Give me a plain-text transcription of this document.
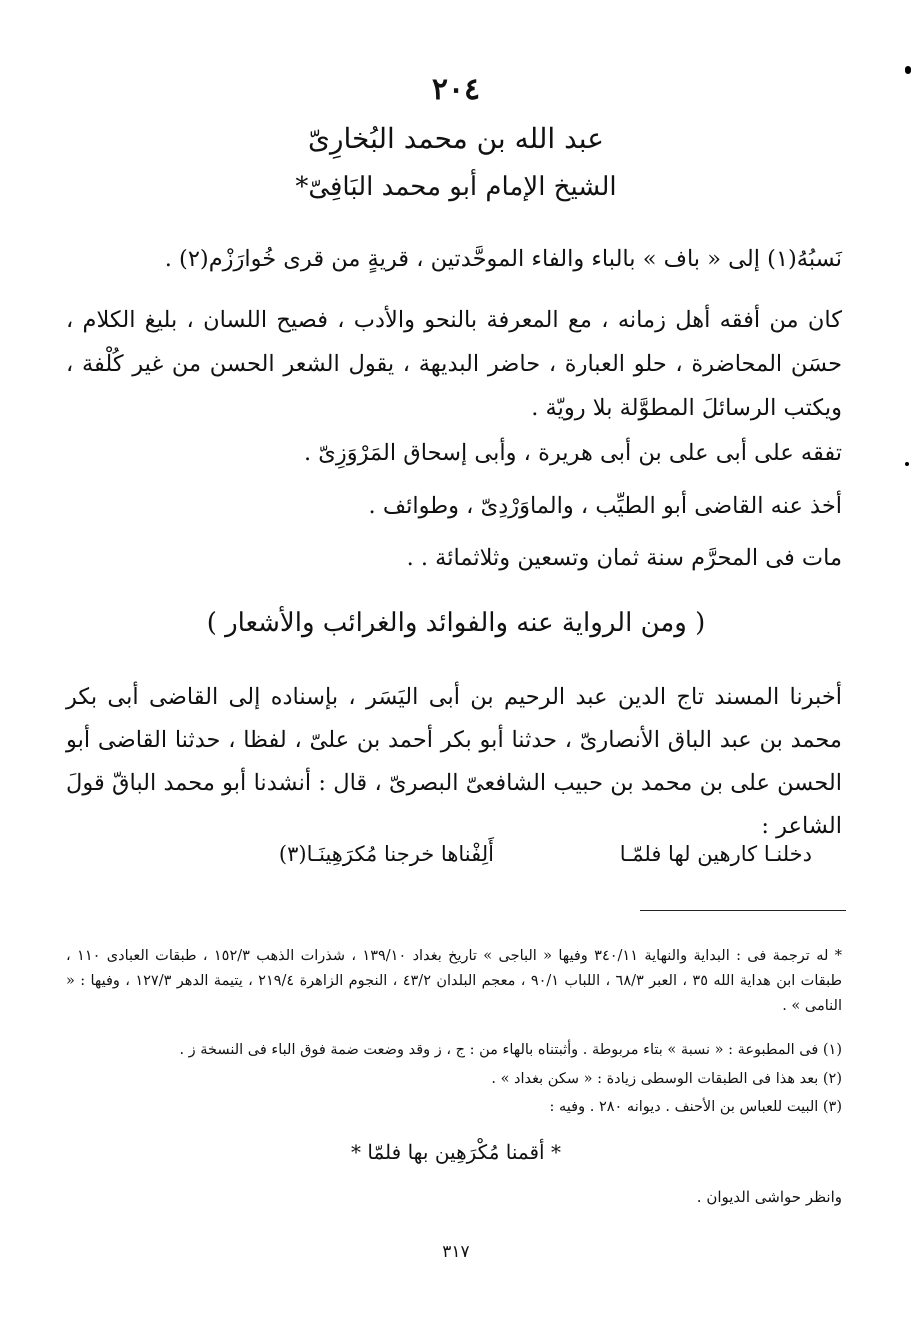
٢٠٤
عبد الله بن محمد البُخارِىّ
الشيخ الإمام أبو محمد البَافِىّ*
نَسبُهُ(١) إلى « باف » بالباء والفاء الموحَّدتين ، قريةٍ من قرى خُوارَزْم(٢) .
كان من أفقه أهل زمانه ، مع المعرفة بالنحو والأدب ، فصيح اللسان ، بليغ الكلام ، حسَن المحاضرة ، حلو العبارة ، حاضر البديهة ، يقول الشعر الحسن من غير كُلْفة ، ويكتب الرسائلَ المطوَّلة بلا رويّة .
تفقه على أبى على بن أبى هريرة ، وأبى إسحاق المَرْوَزِىّ .
أخذ عنه القاضى أبو الطيِّب ، والماوَرْدِىّ ، وطوائف .
مات فى المحرَّم سنة ثمان وتسعين وثلاثمائة . .
( ومن الرواية عنه والفوائد والغرائب والأشعار )
أخبرنا المسند تاج الدين عبد الرحيم بن أبى اليَسَر ، بإسناده إلى القاضى أبى بكر محمد بن عبد الباق الأنصارىّ ، حدثنا أبو بكر أحمد بن علىّ ، لفظا ، حدثنا القاضى أبو الحسن على بن محمد بن حبيب الشافعىّ البصرىّ ، قال : أنشدنا أبو محمد الباقّ قولَ الشاعر :
دخلنـا كارهين لها فلمّـا
أَلِفْناها خرجنا مُكرَهِينَـا(٣)
* له ترجمة فى : البداية والنهاية ٣٤٠/١١ وفيها « الباجى » تاريخ بغداد ١٣٩/١٠ ، شذرات الذهب ١٥٢/٣ ، طبقات العبادى ١١٠ ، طبقات ابن هداية الله ٣٥ ، العبر ٦٨/٣ ، اللباب ٩٠/١ ، معجم البلدان ٤٣/٢ ، النجوم الزاهرة ٢١٩/٤ ، يتيمة الدهر ١٢٧/٣ ، وفيها : « النامى » .
(١) فى المطبوعة : « نسبة » بتاء مربوطة . وأثبتناه بالهاء من : ج ، ز وقد وضعت ضمة فوق الباء فى النسخة ز .
(٢) بعد هذا فى الطبقات الوسطى زيادة : « سكن بغداد » .
(٣) البيت للعباس بن الأحنف . ديوانه ٢٨٠ . وفيه :
* أقمنا مُكْرَهِين بها فلمّا *
وانظر حواشى الديوان .
٣١٧
